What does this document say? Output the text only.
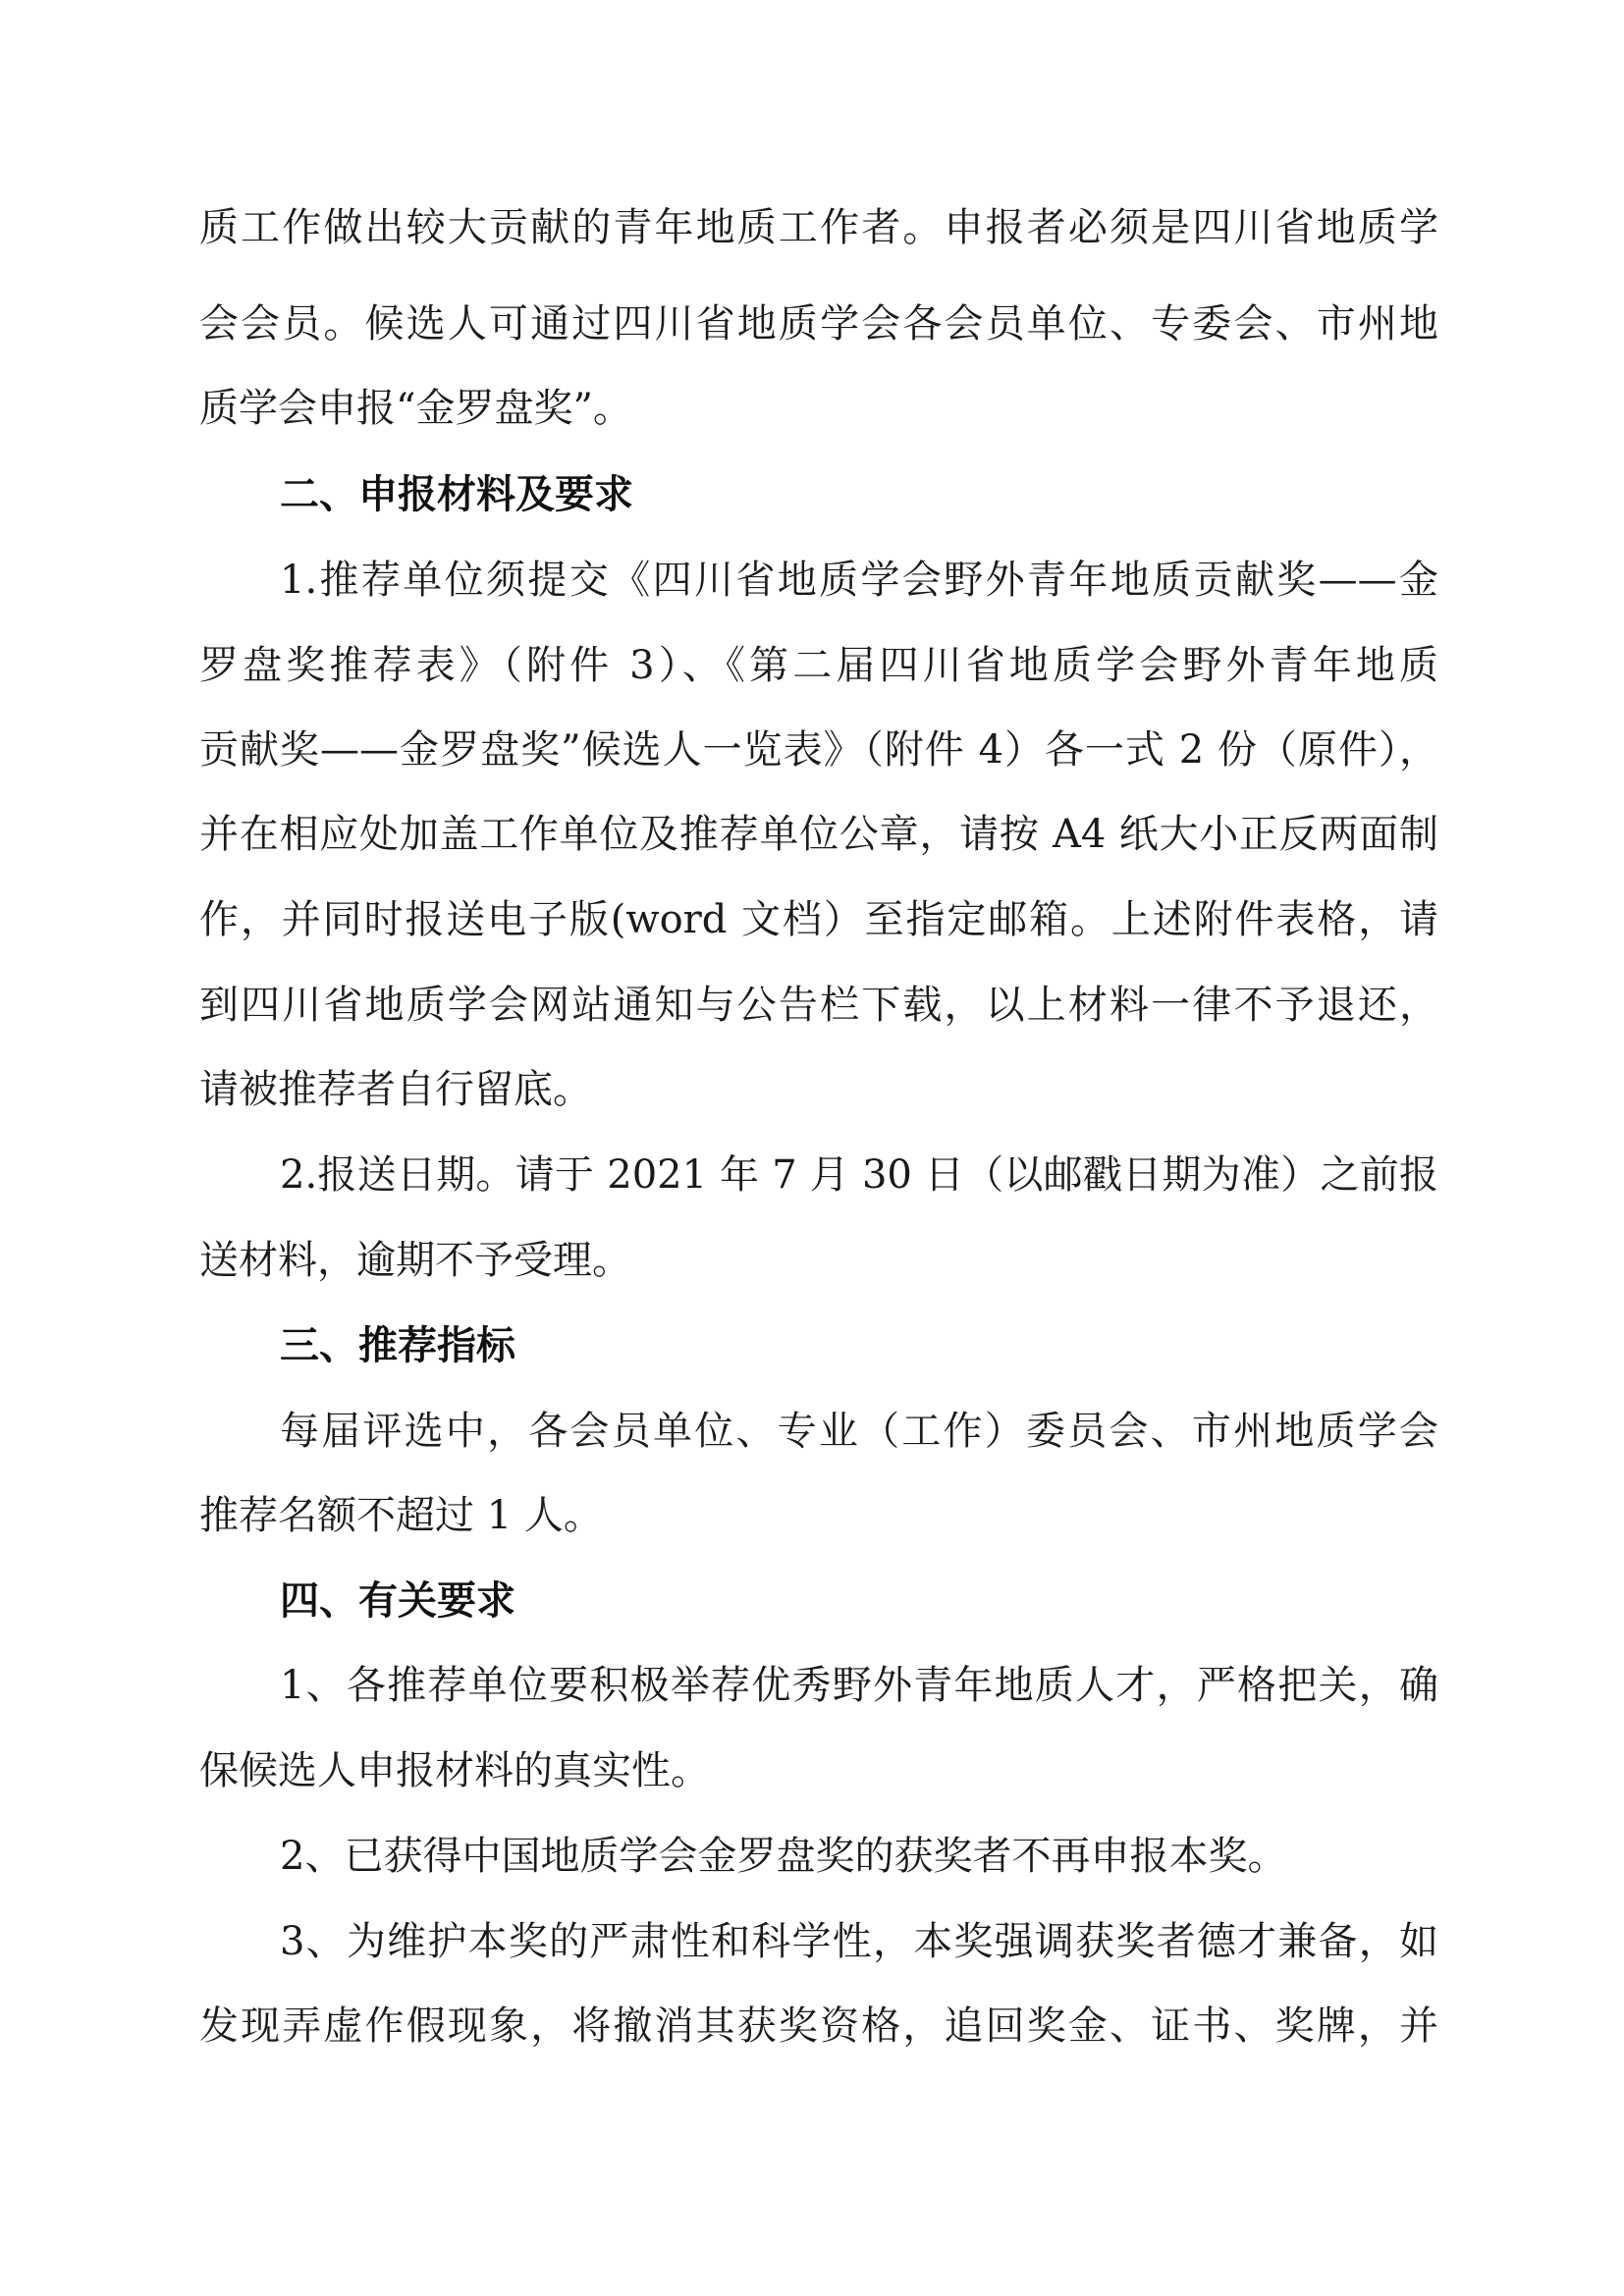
质工作做出较大贡献的青年地质工作者。申报者必须是四川省地质学
会会员。候选人可通过四川省地质学会各会员单位、专委会、市州地
质学会申报“金罗盘奖”。
二、申报材料及要求
1.推荐单位须提交《四川省地质学会野外青年地质贡献奖——金
罗盘奖推荐表》（附件 3）、《第二届四川省地质学会野外青年地质
贡献奖——金罗盘奖”候选人一览表》（附件 4）各一式 2 份（原件），
并在相应处加盖工作单位及推荐单位公章，请按 A4 纸大小正反两面制
作，并同时报送电子版(word 文档）至指定邮箱。上述附件表格，请
到四川省地质学会网站通知与公告栏下载，以上材料一律不予退还，
请被推荐者自行留底。
2.报送日期。请于 2021 年 7 月 30 日（以邮戳日期为准）之前报
送材料，逾期不予受理。
三、推荐指标
每届评选中，各会员单位、专业（工作）委员会、市州地质学会
推荐名额不超过 1 人。
四、有关要求
1、各推荐单位要积极举荐优秀野外青年地质人才，严格把关，确
保候选人申报材料的真实性。
2、已获得中国地质学会金罗盘奖的获奖者不再申报本奖。
3、为维护本奖的严肃性和科学性，本奖强调获奖者德才兼备，如
发现弄虚作假现象，将撤消其获奖资格，追回奖金、证书、奖牌，并
